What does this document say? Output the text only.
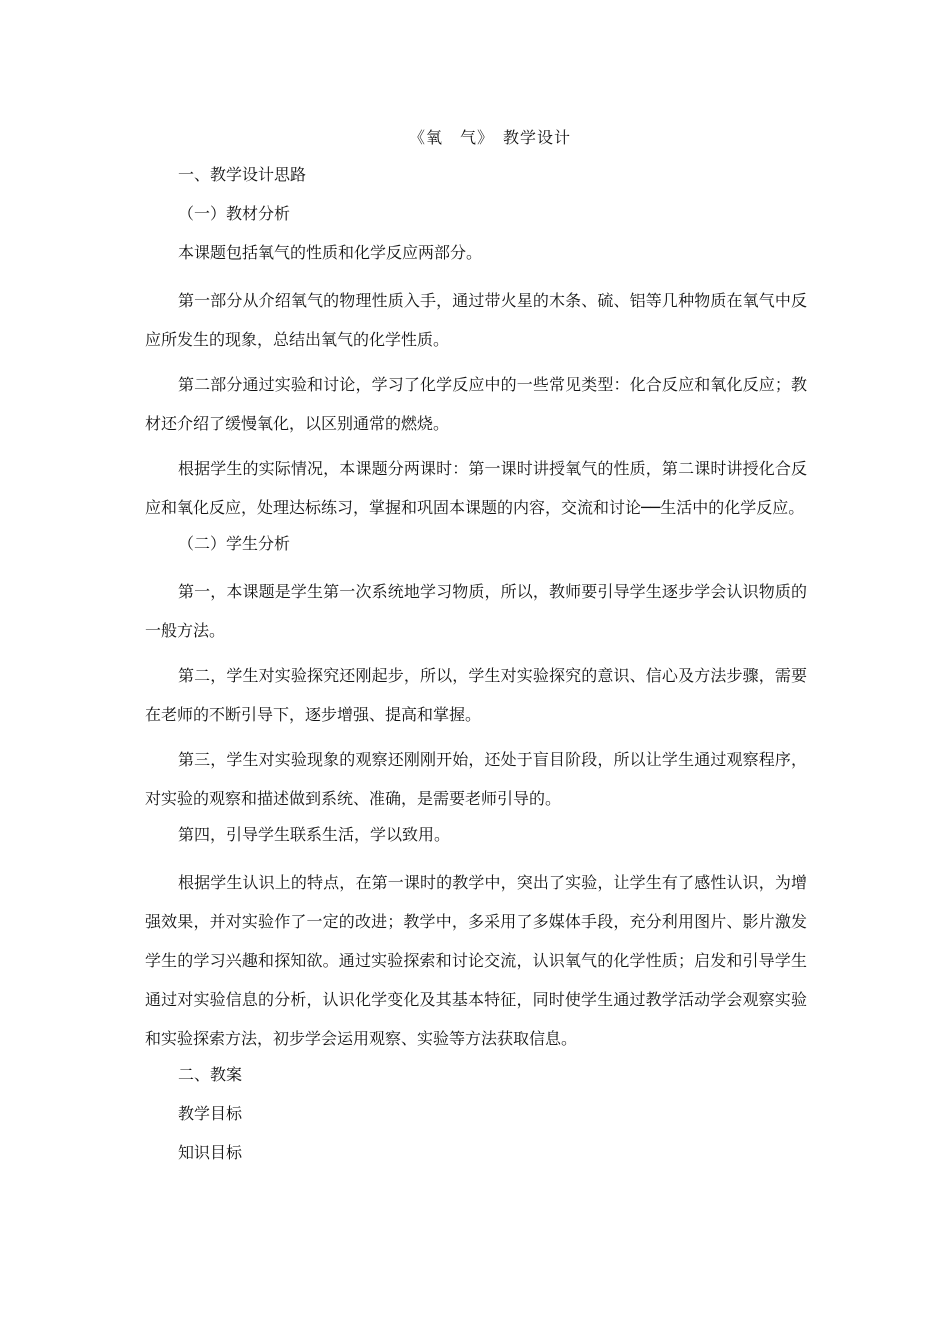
《氧　气》　教学设计
一、教学设计思路
（一）教材分析

本课题包括氧气的性质和化学反应两部分。

第一部分从介绍氧气的物理性质入手，通过带火星的木条、硫、铝等几种物质在氧气中反应所发生的现象，总结出氧气的化学性质。

第二部分通过实验和讨论，学习了化学反应中的一些常见类型：化合反应和氧化反应；教材还介绍了缓慢氧化，以区别通常的燃烧。

根据学生的实际情况，本课题分两课时：第一课时讲授氧气的性质，第二课时讲授化合反应和氧化反应，处理达标练习，掌握和巩固本课题的内容，交流和讨论──生活中的化学反应。

（二）学生分析

第一，本课题是学生第一次系统地学习物质，所以，教师要引导学生逐步学会认识物质的一般方法。

第二，学生对实验探究还刚起步，所以，学生对实验探究的意识、信心及方法步骤，需要在老师的不断引导下，逐步增强、提高和掌握。

第三，学生对实验现象的观察还刚刚开始，还处于盲目阶段，所以让学生通过观察程序，对实验的观察和描述做到系统、准确，是需要老师引导的。

第四，引导学生联系生活，学以致用。

根据学生认识上的特点，在第一课时的教学中，突出了实验，让学生有了感性认识，为增强效果，并对实验作了一定的改进；教学中，多采用了多媒体手段，充分利用图片、影片激发学生的学习兴趣和探知欲。通过实验探索和讨论交流，认识氧气的化学性质；启发和引导学生通过对实验信息的分析，认识化学变化及其基本特征，同时使学生通过教学活动学会观察实验和实验探索方法，初步学会运用观察、实验等方法获取信息。

二、教案
教学目标
知识目标
